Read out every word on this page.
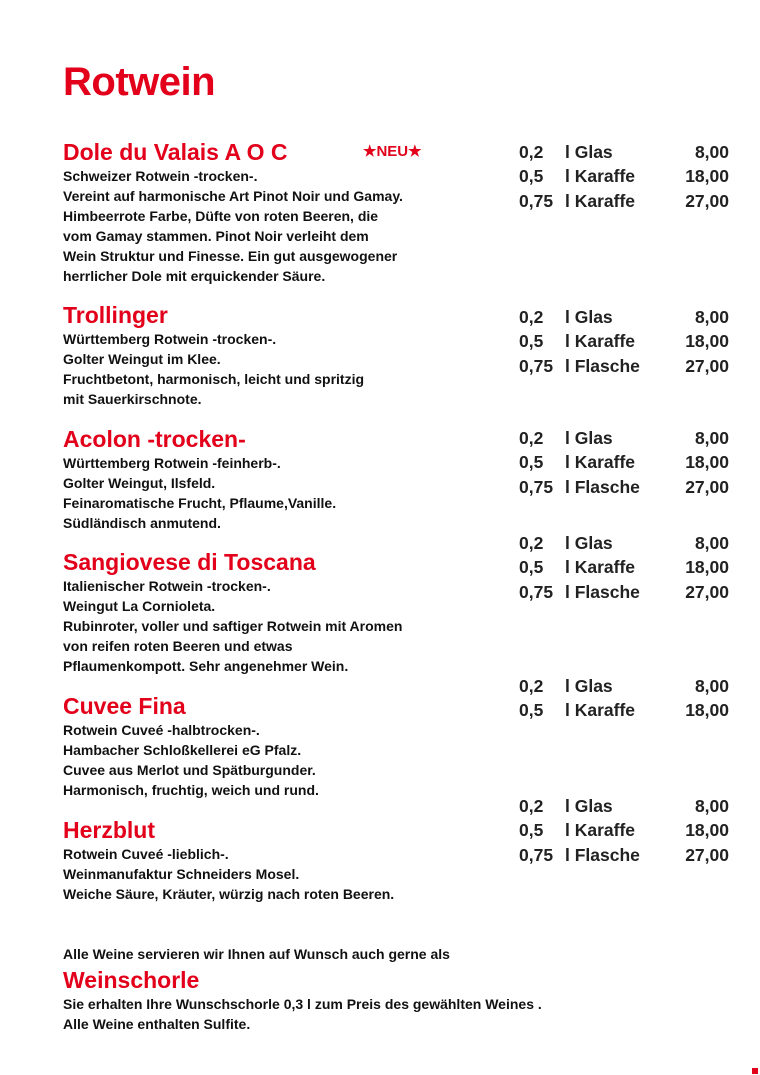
Rotwein
Dole du Valais A O C	★NEU★

Schweizer Rotwein -trocken-.

Vereint auf harmonische Art Pinot Noir und Gamay.

Himbeerrote Farbe, Düfte von roten Beeren, die

vom Gamay stammen. Pinot Noir verleiht dem

Wein Struktur und Finesse. Ein gut ausgewogener

herrlicher Dole mit erquickender Säure.

0,2	l Glas	8,00
0,5	l Karaffe	18,00
0,75 l Karaffe	27,00
Trollinger

Württemberg Rotwein -trocken-.

Golter Weingut im Klee.

Fruchtbetont, harmonisch, leicht und spritzig

mit Sauerkirschnote.

0,2	l Glas	8,00
0,5	l Karaffe	18,00
0,75 l Flasche	27,00
Acolon -trocken-

Württemberg Rotwein -feinherb-.

Golter Weingut, Ilsfeld.

Feinaromatische Frucht, Pflaume,Vanille.

Südländisch anmutend.

0,2	l Glas	8,00
0,5	l Karaffe	18,00
0,75 l Flasche	27,00
Sangiovese di Toscana

Italienischer Rotwein -trocken-.

Weingut La Cornioleta.

Rubinroter, voller und saftiger Rotwein mit Aromen

von reifen roten Beeren und etwas

Pflaumenkompott. Sehr angenehmer Wein.

0,2	l Glas	8,00
0,5	l Karaffe	18,00
0,75 l Flasche	27,00
Cuvee Fina

Rotwein Cuveé -halbtrocken-.

Hambacher Schloßkellerei eG Pfalz.

Cuvee aus Merlot und Spätburgunder.

Harmonisch, fruchtig, weich und rund.

0,2	l Glas	8,00
0,5	l Karaffe	18,00
Herzblut

Rotwein Cuveé -lieblich-.

Weinmanufaktur Schneiders Mosel.

Weiche Säure, Kräuter, würzig nach roten Beeren.

0,2	l Glas	8,00
0,5	l Karaffe	18,00
0,75 l Flasche	27,00

Alle Weine servieren wir Ihnen auf Wunsch auch gerne als

Weinschorle

Sie erhalten Ihre Wunschschorle 0,3 l zum Preis des gewählten Weines .

Alle Weine enthalten Sulfite.
